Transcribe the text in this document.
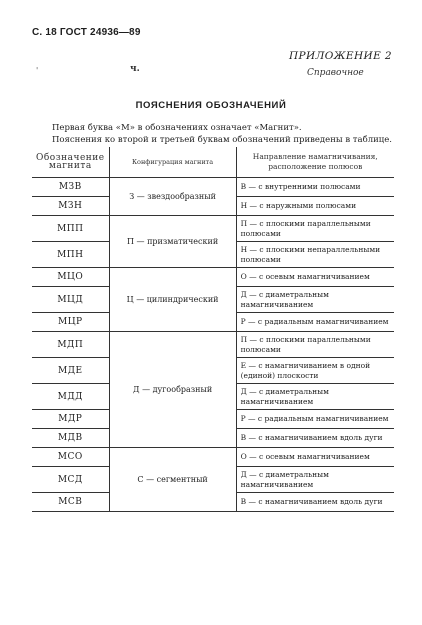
С. 18 ГОСТ 24936—89
ПРИЛОЖЕНИЕ 2
'	ч.	Справочное
ПОЯСНЕНИЯ ОБОЗНАЧЕНИЙ
Первая буква «М» в обозначениях означает «Магнит».
Пояснения ко второй и третьей буквам обозначений приведены в таблице.
Обозначение магнита	Конфигурация магнита	Направление намагничивания, расположение полюсов
МЗВ	З — звездообразный	В — с внутренними полюсами
МЗН		Н — с наружными полюсами
МПП	П — призматический	П — с плоскими параллельными полюсами
МПН		Н — с плоскими непараллельными полюсами
МЦО	Ц — цилиндрический	О — с осевым намагничиванием
МЦД		Д — с диаметральным намагничиванием
МЦР		Р — с радиальным намагничиванием
МДП	Д — дугообразный	П — с плоскими параллельными полюсами
МДЕ		Е — с намагничиванием в одной (единой) плоскости
МДД		Д — с диаметральным намагничиванием
МДР		Р — с радиальным намагничиванием
МДВ		В — с намагничиванием вдоль дуги
МСО	С — сегментный	О — с осевым намагничиванием
МСД		Д — с диаметральным намагничиванием
МСВ		В — с намагничиванием вдоль дуги
